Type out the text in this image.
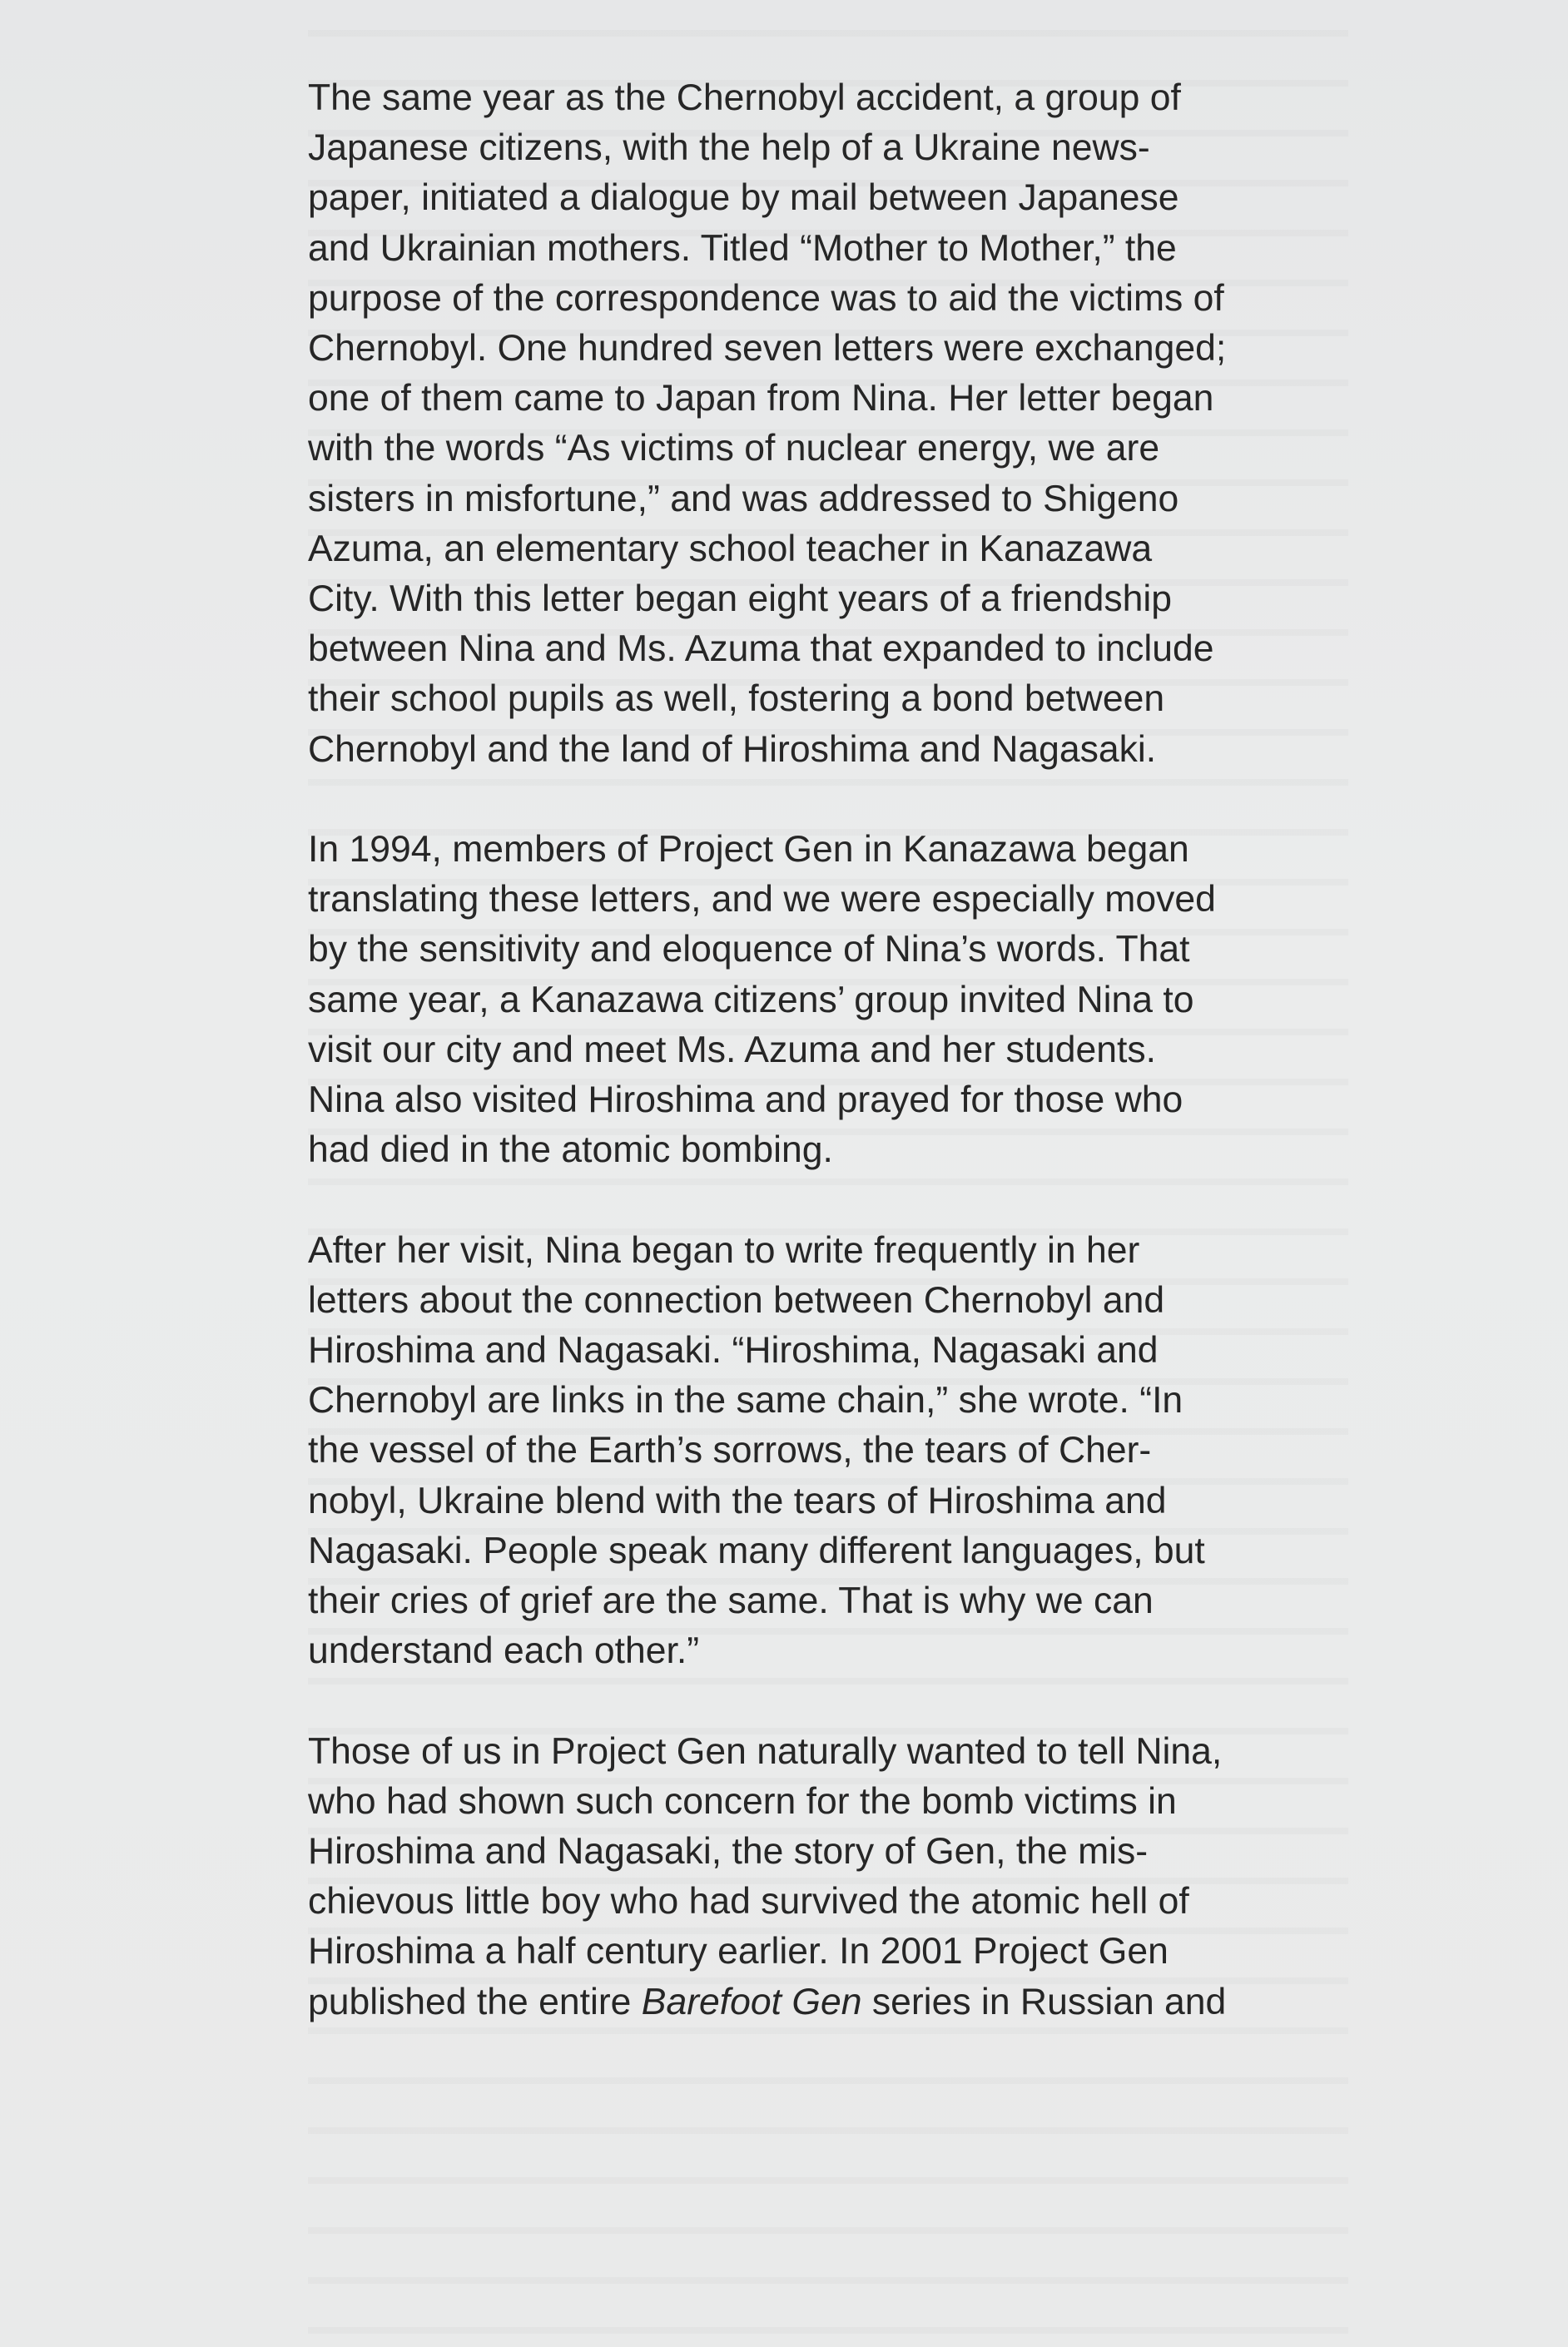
The same year as the Chernobyl accident, a group of
Japanese citizens, with the help of a Ukraine news-
paper, initiated a dialogue by mail between Japanese
and Ukrainian mothers. Titled “Mother to Mother,” the
purpose of the correspondence was to aid the victims of
Chernobyl. One hundred seven letters were exchanged;
one of them came to Japan from Nina. Her letter began
with the words “As victims of nuclear energy, we are
sisters in misfortune,” and was addressed to Shigeno
Azuma, an elementary school teacher in Kanazawa
City. With this letter began eight years of a friendship
between Nina and Ms. Azuma that expanded to include
their school pupils as well, fostering a bond between
Chernobyl and the land of Hiroshima and Nagasaki.

In 1994, members of Project Gen in Kanazawa began
translating these letters, and we were especially moved
by the sensitivity and eloquence of Nina’s words. That
same year, a Kanazawa citizens’ group invited Nina to
visit our city and meet Ms. Azuma and her students.
Nina also visited Hiroshima and prayed for those who
had died in the atomic bombing.

After her visit, Nina began to write frequently in her
letters about the connection between Chernobyl and
Hiroshima and Nagasaki. “Hiroshima, Nagasaki and
Chernobyl are links in the same chain,” she wrote. “In
the vessel of the Earth’s sorrows, the tears of Cher-
nobyl, Ukraine blend with the tears of Hiroshima and
Nagasaki. People speak many different languages, but
their cries of grief are the same. That is why we can
understand each other.”

Those of us in Project Gen naturally wanted to tell Nina,
who had shown such concern for the bomb victims in
Hiroshima and Nagasaki, the story of Gen, the mis-
chievous little boy who had survived the atomic hell of
Hiroshima a half century earlier. In 2001 Project Gen
published the entire Barefoot Gen series in Russian and
